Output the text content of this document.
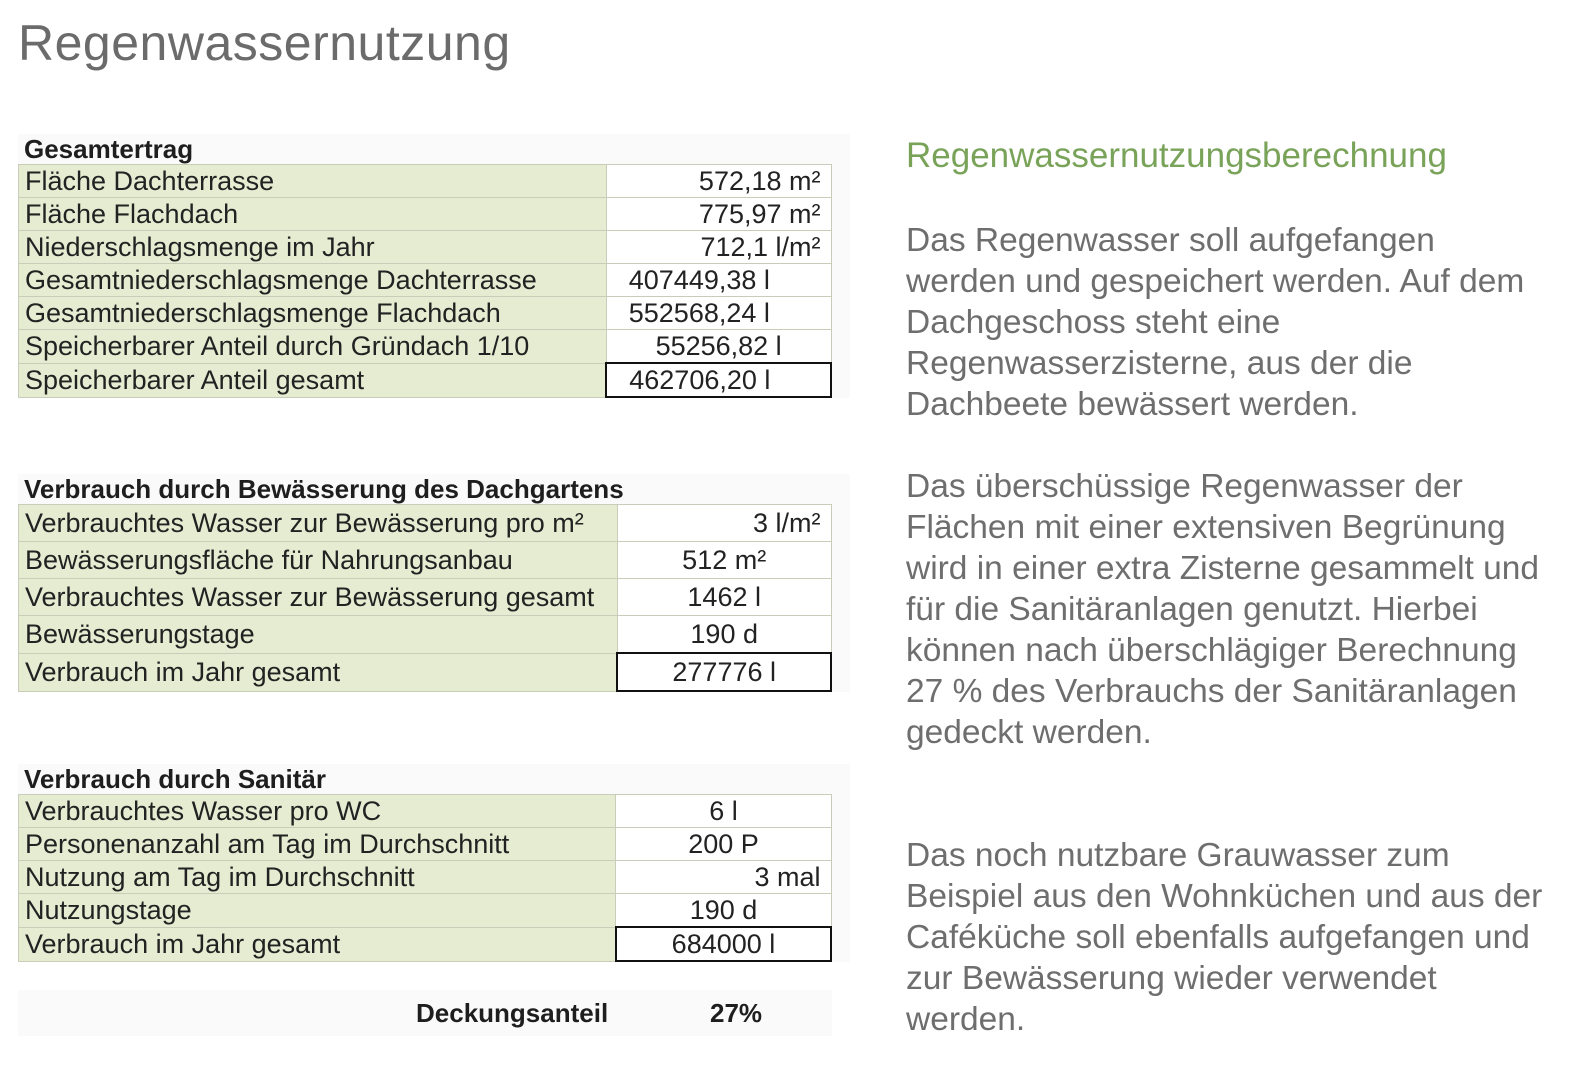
Regenwassernutzung
Gesamtertrag
Fläche Dachterrasse	572,18 m²
Fläche Flachdach	775,97 m²
Niederschlagsmenge im Jahr	712,1 l/m²
Gesamtniederschlagsmenge Dachterrasse	407449,38 l
Gesamtniederschlagsmenge Flachdach	552568,24 l
Speicherbarer Anteil durch Gründach 1/10	55256,82 l
Speicherbarer Anteil gesamt	462706,20 l
Verbrauch durch Bewässerung des Dachgartens
Verbrauchtes Wasser zur Bewässerung pro m²	3 l/m²
Bewässerungsfläche für Nahrungsanbau	512 m²
Verbrauchtes Wasser zur Bewässerung gesamt	1462 l
Bewässerungstage	190 d
Verbrauch im Jahr gesamt	277776 l
Verbrauch durch Sanitär
Verbrauchtes Wasser pro WC	6 l
Personenanzahl am Tag im Durchschnitt	200 P
Nutzung am Tag im Durchschnitt	3 mal
Nutzungstage	190 d
Verbrauch im Jahr gesamt	684000 l
Deckungsanteil	27%
Regenwassernutzungsberechnung

Das Regenwasser soll aufgefangen werden und gespeichert werden. Auf dem Dachgeschoss steht eine Regenwasserzisterne, aus der die Dachbeete bewässert werden.

Das überschüssige Regenwasser der Flächen mit einer extensiven Begrünung wird in einer extra Zisterne gesammelt und für die Sanitäranlagen genutzt. Hierbei können nach überschlägiger Berechnung 27 % des Verbrauchs der Sanitäranlagen gedeckt werden.

Das noch nutzbare Grauwasser zum Beispiel aus den Wohnküchen und aus der Caféküche soll ebenfalls aufgefangen und zur Bewässerung wieder verwendet werden.
